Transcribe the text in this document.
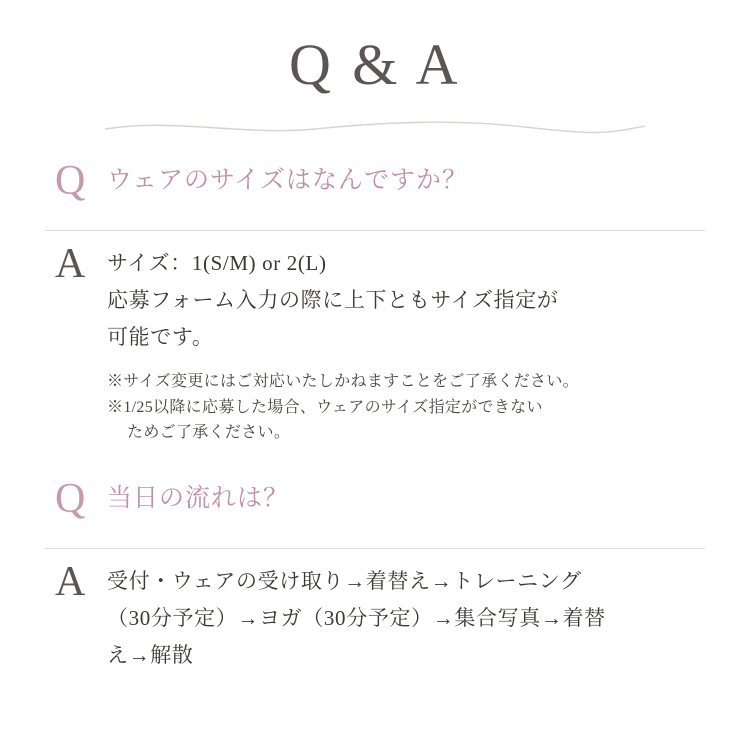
Q & A
Q ウェアのサイズはなんですか？
A	サイズ：1(S/M) or 2(L)
応募フォーム入力の際に上下ともサイズ指定が
可能です。
※サイズ変更にはご対応いたしかねますことをご了承ください。
※1/25以降に応募した場合、ウェアのサイズ指定ができない
ためご了承ください。
Q 当日の流れは？
A	受付・ウェアの受け取り→着替え→トレーニング
（30分予定）→ヨガ（30分予定）→集合写真→着替
え→解散
